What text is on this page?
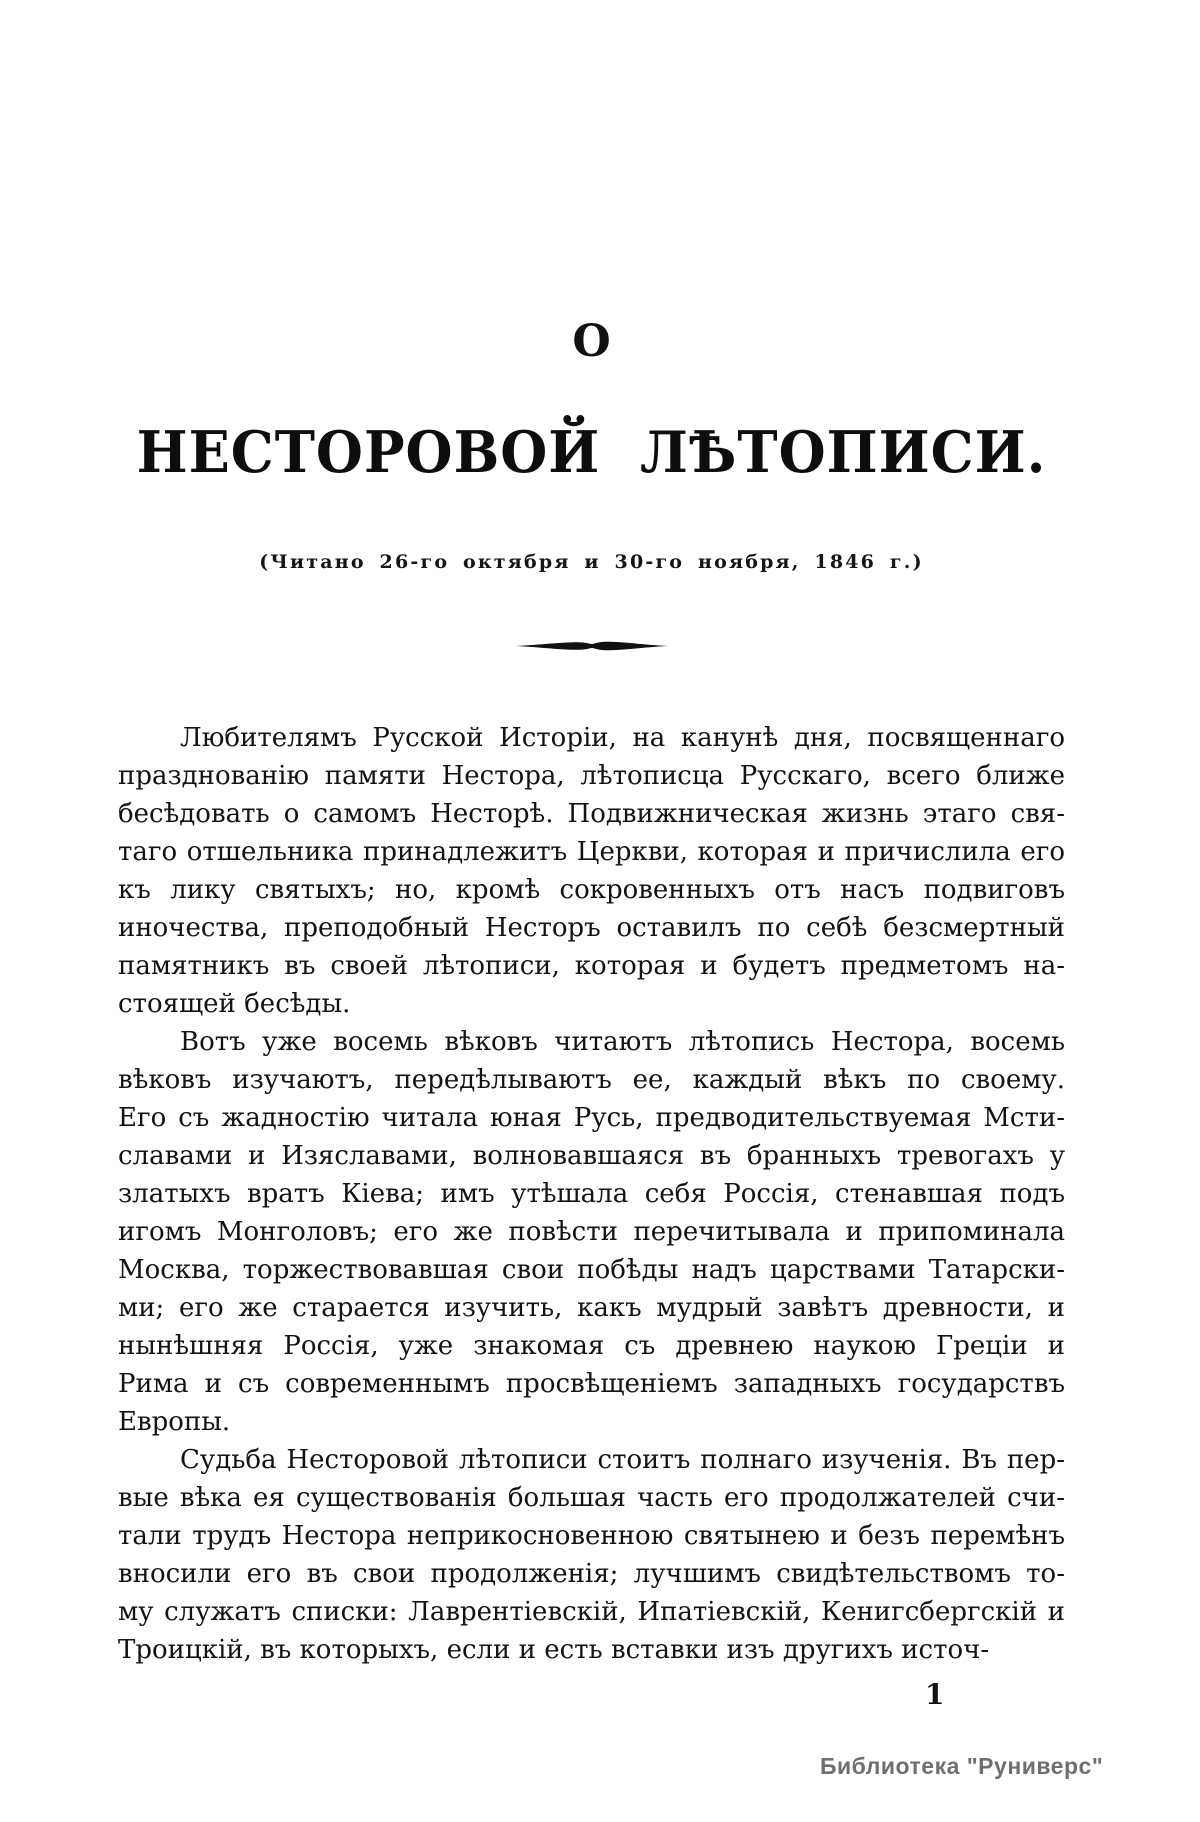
О
НЕСТОРОВОЙ ЛѢТОПИСИ.
(Читано 26-го октября и 30-го ноября, 1846 г.)
Любителямъ Русской Исторіи, на канунѣ дня, посвященнаго
празднованію памяти Нестора, лѣтописца Русскаго, всего ближе
бесѣдовать о самомъ Несторѣ. Подвижническая жизнь этаго свя-
таго отшельника принадлежитъ Церкви, которая и причислила его
къ лику святыхъ; но, кромѣ сокровенныхъ отъ насъ подвиговъ
иночества, преподобный Несторъ оставилъ по себѣ безсмертный
памятникъ въ своей лѣтописи, которая и будетъ предметомъ на-
стоящей бесѣды.
Вотъ уже восемь вѣковъ читаютъ лѣтопись Нестора, восемь
вѣковъ изучаютъ, передѣлываютъ ее, каждый вѣкъ по своему.
Его съ жадностію читала юная Русь, предводительствуемая Мсти-
славами и Изяславами, волновавшаяся въ бранныхъ тревогахъ у
златыхъ вратъ Кіева; имъ утѣшала себя Россія, стенавшая подъ
игомъ Монголовъ; его же повѣсти перечитывала и припоминала
Москва, торжествовавшая свои побѣды надъ царствами Татарски-
ми; его же старается изучить, какъ мудрый завѣтъ древности, и
нынѣшняя Россія, уже знакомая съ древнею наукою Греціи и
Рима и съ современнымъ просвѣщеніемъ западныхъ государствъ
Европы.
Судьба Несторовой лѣтописи стоитъ полнаго изученія. Въ пер-
вые вѣка ея существованія большая часть его продолжателей счи-
тали трудъ Нестора неприкосновенною святынею и безъ перемѣнъ
вносили его въ свои продолженія; лучшимъ свидѣтельствомъ то-
му служатъ списки: Лаврентіевскій, Ипатіевскій, Кенигсбергскій и
Троицкій, въ которыхъ, если и есть вставки изъ другихъ источ-
1
Библиотека "Руниверс"
